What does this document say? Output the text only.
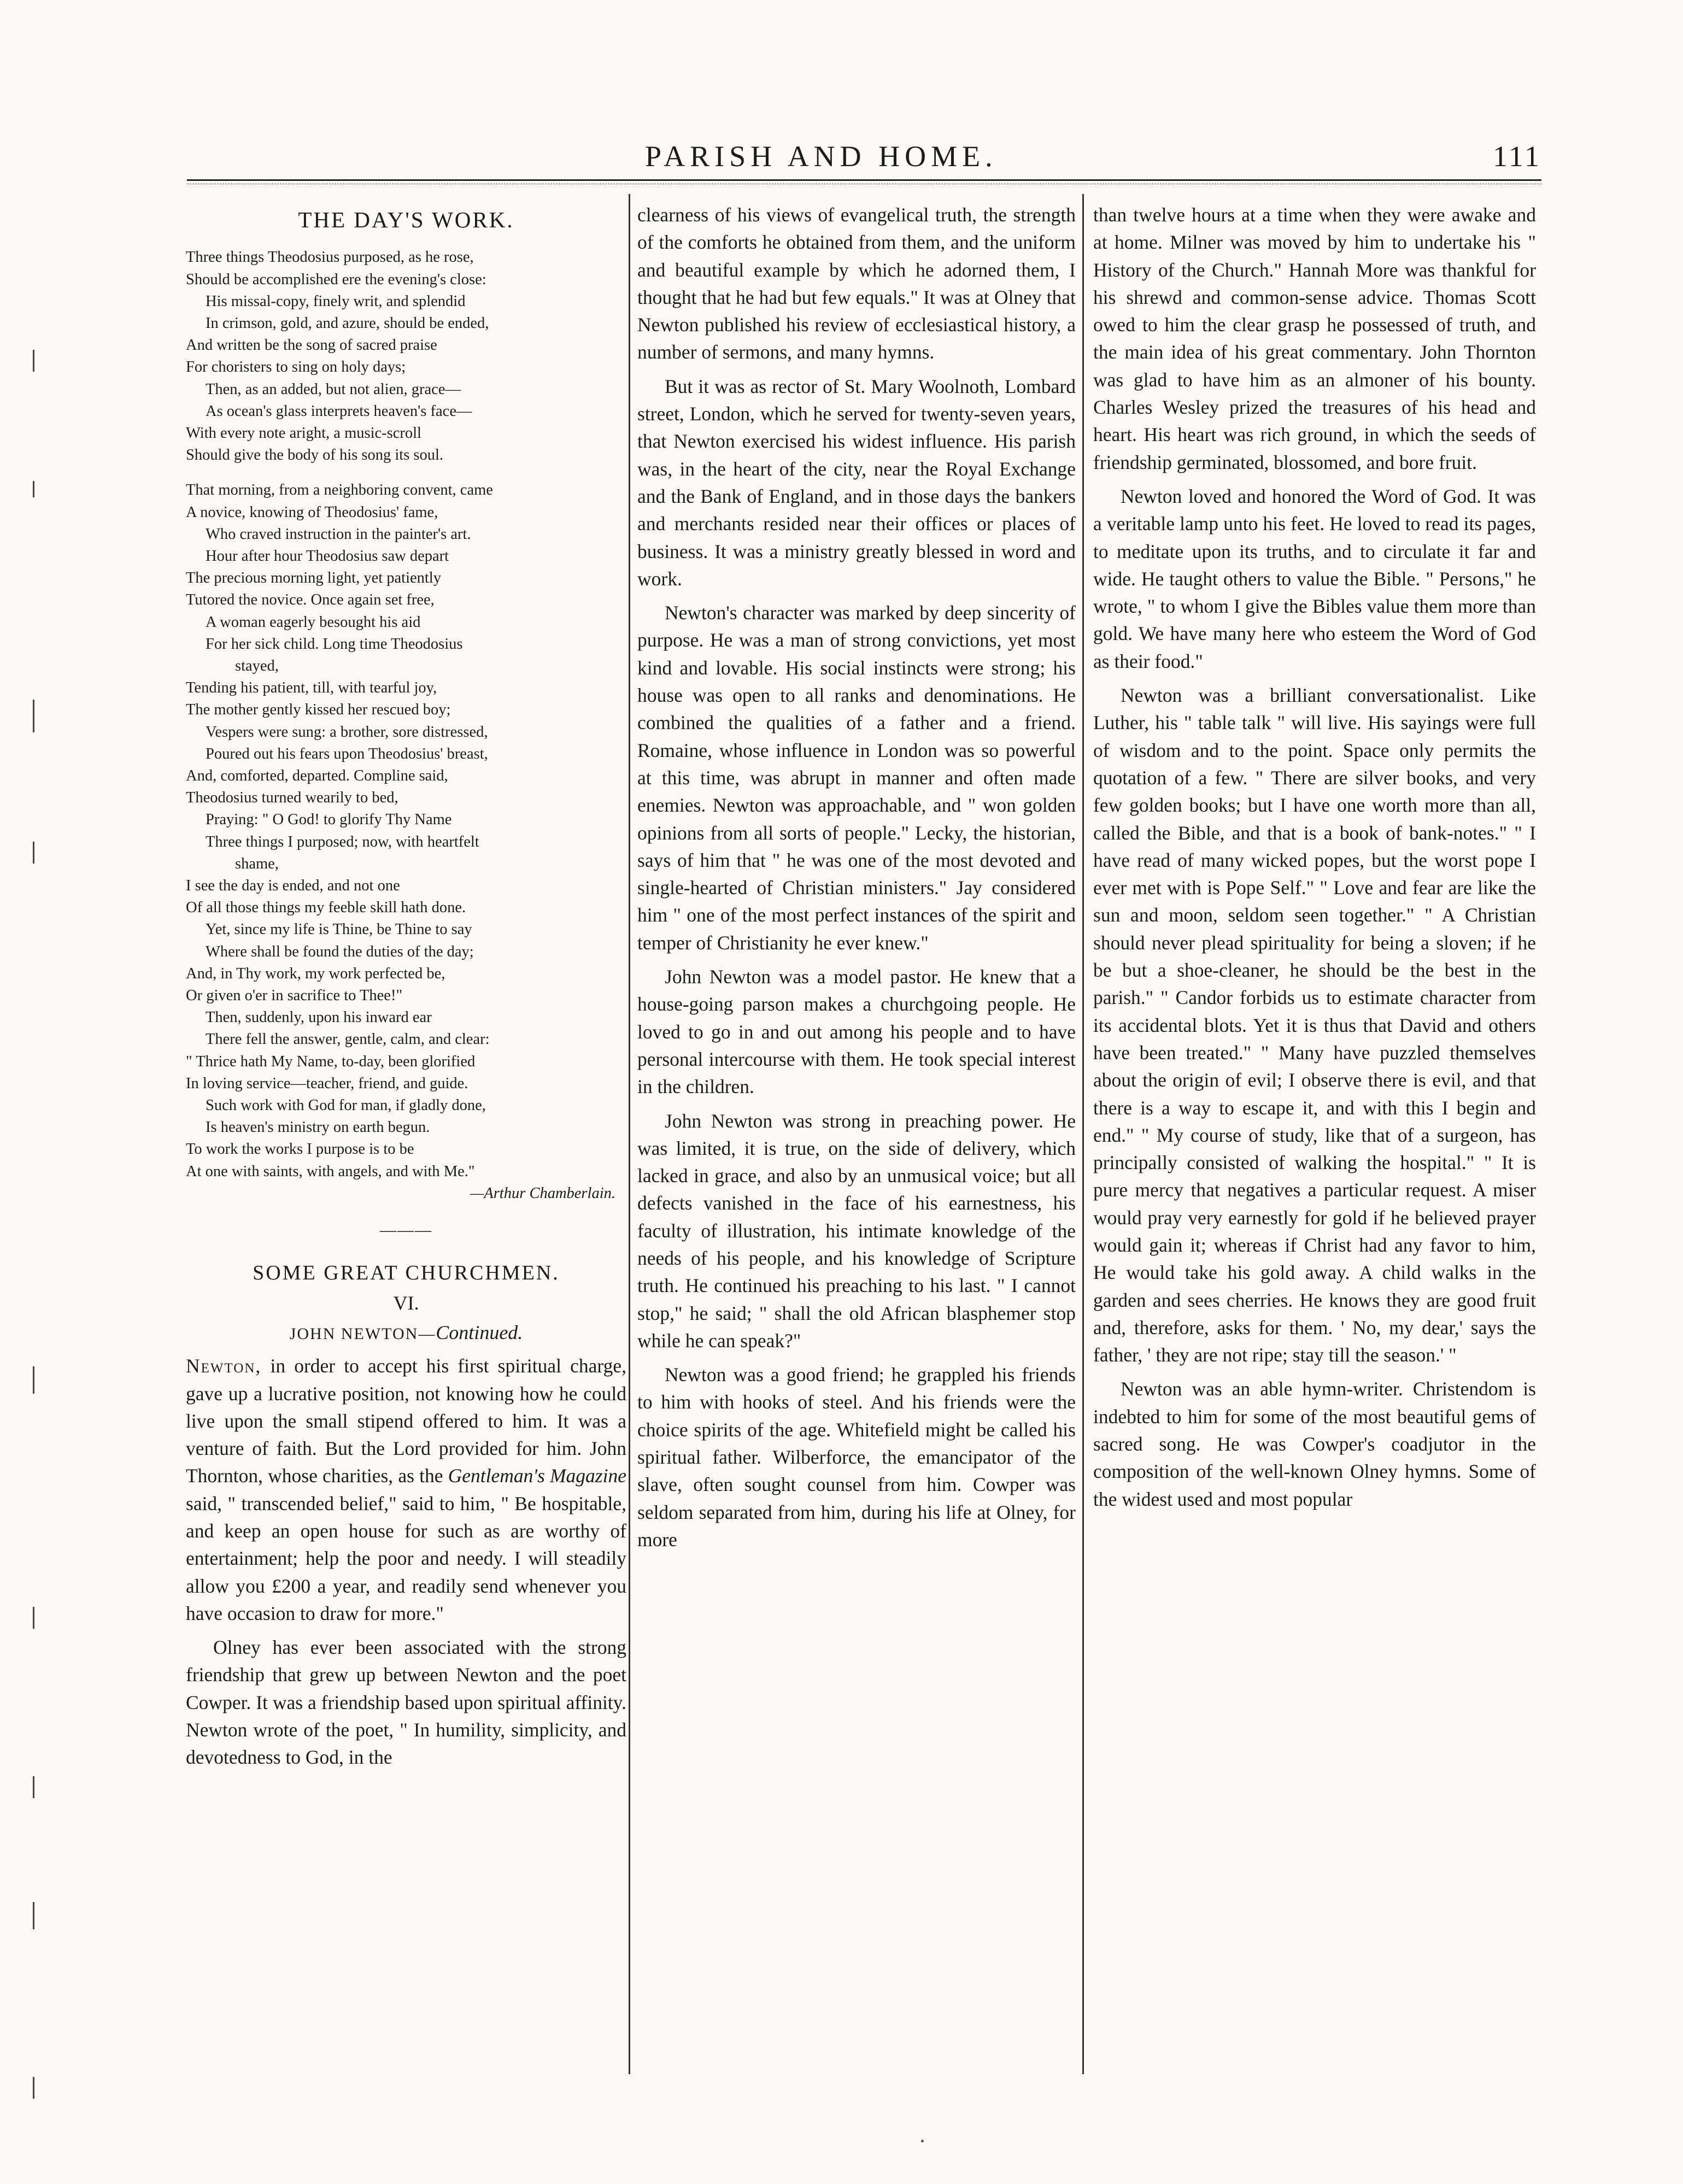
PARISH AND HOME.	111
THE DAY'S WORK.
Three things Theodosius purposed, as he rose,
Should be accomplished ere the evening's close:
His missal-copy, finely writ, and splendid
In crimson, gold, and azure, should be ended,
And written be the song of sacred praise
For choristers to sing on holy days;
Then, as an added, but not alien, grace—
As ocean's glass interprets heaven's face—
With every note aright, a music-scroll
Should give the body of his song its soul.
That morning, from a neighboring convent, came
A novice, knowing of Theodosius' fame,
Who craved instruction in the painter's art.
Hour after hour Theodosius saw depart
The precious morning light, yet patiently
Tutored the novice. Once again set free,
A woman eagerly besought his aid
For her sick child. Long time Theodosius
stayed,
Tending his patient, till, with tearful joy,
The mother gently kissed her rescued boy;
Vespers were sung: a brother, sore distressed,
Poured out his fears upon Theodosius' breast,
And, comforted, departed. Compline said,
Theodosius turned wearily to bed,
Praying: " O God! to glorify Thy Name
Three things I purposed; now, with heartfelt
shame,
I see the day is ended, and not one
Of all those things my feeble skill hath done.
Yet, since my life is Thine, be Thine to say
Where shall be found the duties of the day;
And, in Thy work, my work perfected be,
Or given o'er in sacrifice to Thee!"
Then, suddenly, upon his inward ear
There fell the answer, gentle, calm, and clear:
" Thrice hath My Name, to-day, been glorified
In loving service—teacher, friend, and guide.
Such work with God for man, if gladly done,
Is heaven's ministry on earth begun.
To work the works I purpose is to be
At one with saints, with angels, and with Me."
—Arthur Chamberlain.
———
SOME GREAT CHURCHMEN.
VI.
JOHN NEWTON—Continued.

Newton, in order to accept his first spiritual charge, gave up a lucrative position, not knowing how he could live upon the small stipend offered to him. It was a venture of faith. But the Lord provided for him. John Thornton, whose charities, as the Gentleman's Magazine said, " transcended belief," said to him, " Be hospitable, and keep an open house for such as are worthy of entertainment; help the poor and needy. I will steadily allow you £200 a year, and readily send whenever you have occasion to draw for more."

Olney has ever been associated with the strong friendship that grew up between Newton and the poet Cowper. It was a friendship based upon spiritual affinity. Newton wrote of the poet, " In humility, simplicity, and devotedness to God, in the

clearness of his views of evangelical truth, the strength of the comforts he obtained from them, and the uniform and beautiful example by which he adorned them, I thought that he had but few equals." It was at Olney that Newton published his review of ecclesiastical history, a number of sermons, and many hymns.

But it was as rector of St. Mary Woolnoth, Lombard street, London, which he served for twenty-seven years, that Newton exercised his widest influence. His parish was, in the heart of the city, near the Royal Exchange and the Bank of England, and in those days the bankers and merchants resided near their offices or places of business. It was a ministry greatly blessed in word and work.

Newton's character was marked by deep sincerity of purpose. He was a man of strong convictions, yet most kind and lovable. His social instincts were strong; his house was open to all ranks and denominations. He combined the qualities of a father and a friend. Romaine, whose influence in London was so powerful at this time, was abrupt in manner and often made enemies. Newton was approachable, and " won golden opinions from all sorts of people." Lecky, the historian, says of him that " he was one of the most devoted and single-hearted of Christian ministers." Jay considered him " one of the most perfect instances of the spirit and temper of Christianity he ever knew."

John Newton was a model pastor. He knew that a house-going parson makes a churchgoing people. He loved to go in and out among his people and to have personal intercourse with them. He took special interest in the children.

John Newton was strong in preaching power. He was limited, it is true, on the side of delivery, which lacked in grace, and also by an unmusical voice; but all defects vanished in the face of his earnestness, his faculty of illustration, his intimate knowledge of the needs of his people, and his knowledge of Scripture truth. He continued his preaching to his last. " I cannot stop," he said; " shall the old African blasphemer stop while he can speak?"

Newton was a good friend; he grappled his friends to him with hooks of steel. And his friends were the choice spirits of the age. Whitefield might be called his spiritual father. Wilberforce, the emancipator of the slave, often sought counsel from him. Cowper was seldom separated from him, during his life at Olney, for more

than twelve hours at a time when they were awake and at home. Milner was moved by him to undertake his " History of the Church." Hannah More was thankful for his shrewd and common-sense advice. Thomas Scott owed to him the clear grasp he possessed of truth, and the main idea of his great commentary. John Thornton was glad to have him as an almoner of his bounty. Charles Wesley prized the treasures of his head and heart. His heart was rich ground, in which the seeds of friendship germinated, blossomed, and bore fruit.

Newton loved and honored the Word of God. It was a veritable lamp unto his feet. He loved to read its pages, to meditate upon its truths, and to circulate it far and wide. He taught others to value the Bible. " Persons," he wrote, " to whom I give the Bibles value them more than gold. We have many here who esteem the Word of God as their food."

Newton was a brilliant conversationalist. Like Luther, his " table talk " will live. His sayings were full of wisdom and to the point. Space only permits the quotation of a few. " There are silver books, and very few golden books; but I have one worth more than all, called the Bible, and that is a book of bank-notes." " I have read of many wicked popes, but the worst pope I ever met with is Pope Self." " Love and fear are like the sun and moon, seldom seen together." " A Christian should never plead spirituality for being a sloven; if he be but a shoe-cleaner, he should be the best in the parish." " Candor forbids us to estimate character from its accidental blots. Yet it is thus that David and others have been treated." " Many have puzzled themselves about the origin of evil; I observe there is evil, and that there is a way to escape it, and with this I begin and end." " My course of study, like that of a surgeon, has principally consisted of walking the hospital." " It is pure mercy that negatives a particular request. A miser would pray very earnestly for gold if he believed prayer would gain it; whereas if Christ had any favor to him, He would take his gold away. A child walks in the garden and sees cherries. He knows they are good fruit and, therefore, asks for them. ' No, my dear,' says the father, ' they are not ripe; stay till the season.' "

Newton was an able hymn-writer. Christendom is indebted to him for some of the most beautiful gems of sacred song. He was Cowper's coadjutor in the composition of the well-known Olney hymns. Some of the widest used and most popular
